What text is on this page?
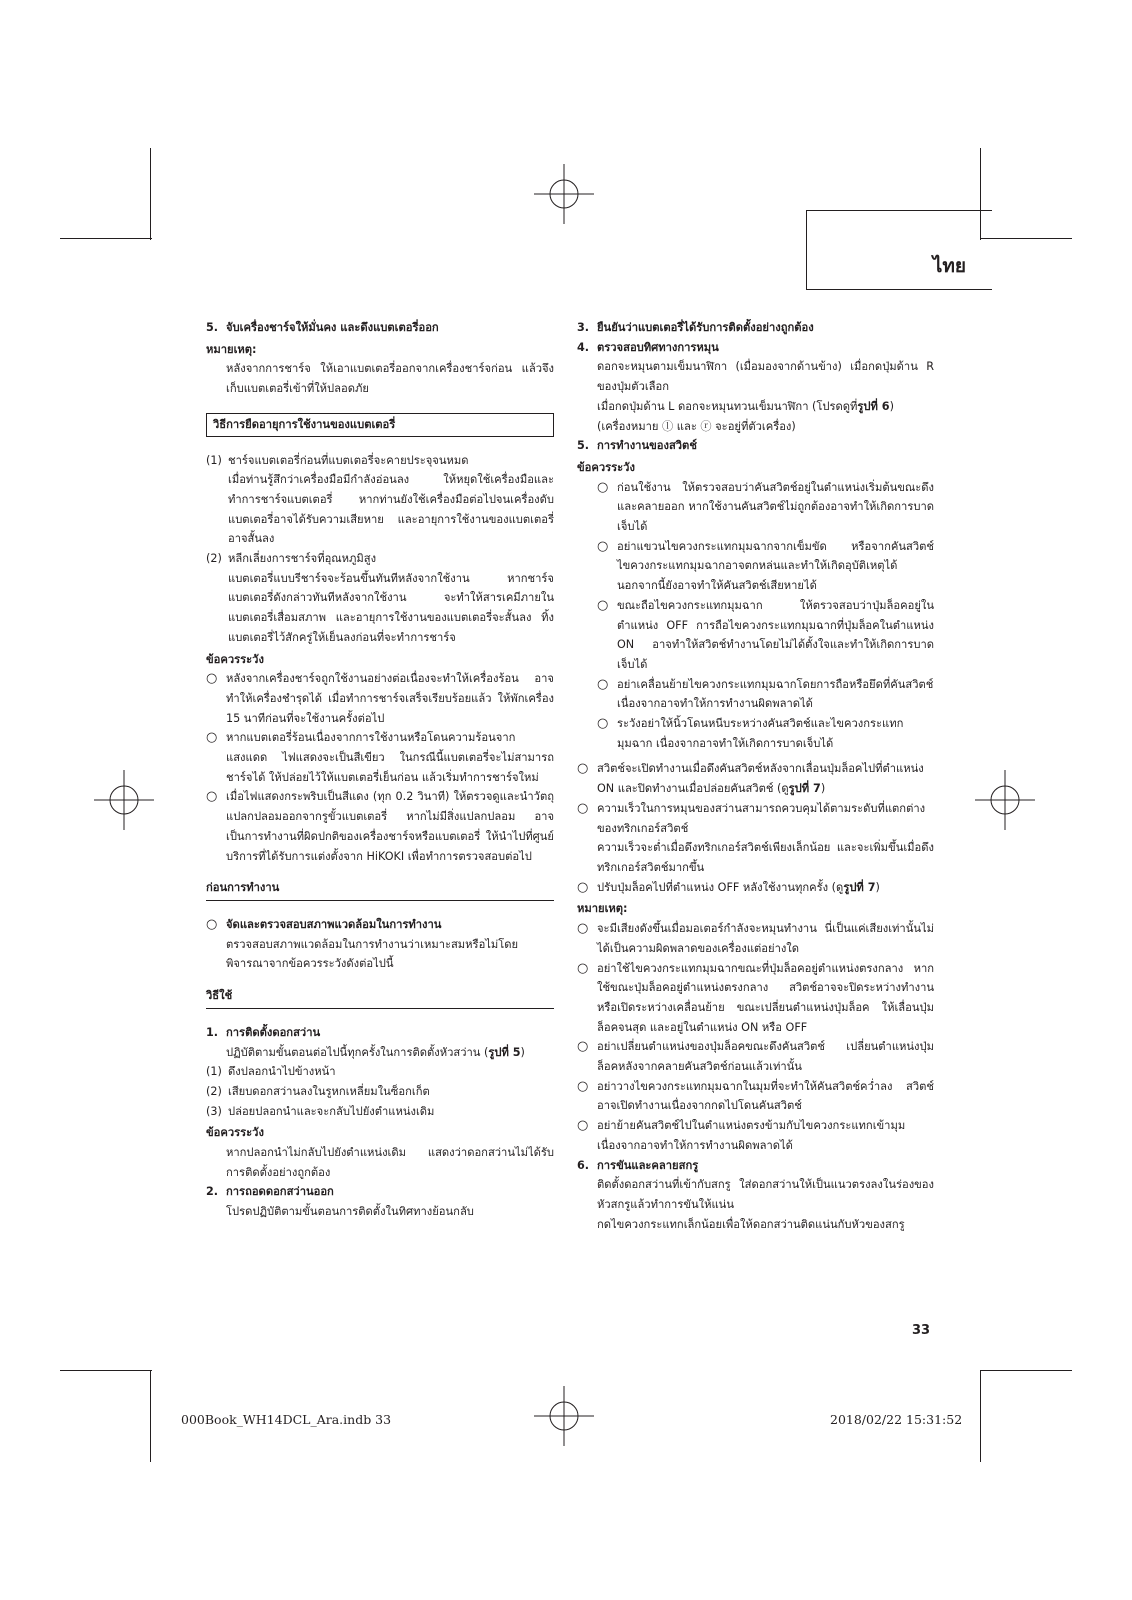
ไทย

5. จับเครื่องชาร์จให้มั่นคง และดึงแบตเตอรี่ออก

หมายเหตุ:

หลังจากการชาร์จ ให้เอาแบตเตอรี่ออกจากเครื่องชาร์จก่อน แล้วจึงเก็บแบตเตอรี่เข้าที่ให้ปลอดภัย

วิธีการยืดอายุการใช้งานของแบตเตอรี่
(1) ชาร์จแบตเตอรี่ก่อนที่แบตเตอรี่จะคายประจุจนหมด
เมื่อท่านรู้สึกว่าเครื่องมือมีกำลังอ่อนลง ให้หยุดใช้เครื่องมือและทำการชาร์จแบตเตอรี่ หากท่านยังใช้เครื่องมือต่อไปจนเครื่องดับ แบตเตอรี่อาจได้รับความเสียหาย และอายุการใช้งานของแบตเตอรี่อาจสั้นลง
(2) หลีกเลี่ยงการชาร์จที่อุณหภูมิสูง
แบตเตอรี่แบบรีชาร์จจะร้อนขึ้นทันทีหลังจากใช้งาน หากชาร์จแบตเตอรี่ดังกล่าวทันทีหลังจากใช้งาน จะทำให้สารเคมีภายในแบตเตอรี่เสื่อมสภาพ และอายุการใช้งานของแบตเตอรี่จะสั้นลง ทิ้งแบตเตอรี่ไว้สักครู่ให้เย็นลงก่อนที่จะทำการชาร์จ

ข้อควรระวัง

○ หลังจากเครื่องชาร์จถูกใช้งานอย่างต่อเนื่องจะทำให้เครื่องร้อน อาจทำให้เครื่องชำรุดได้ เมื่อทำการชาร์จเสร็จเรียบร้อยแล้ว ให้พักเครื่อง 15 นาทีก่อนที่จะใช้งานครั้งต่อไป
○ หากแบตเตอรี่ร้อนเนื่องจากการใช้งานหรือโดนความร้อนจากแสงแดด ไฟแสดงจะเป็นสีเขียว ในกรณีนี้แบตเตอรี่จะไม่สามารถชาร์จได้ ให้ปล่อยไว้ให้แบตเตอรี่เย็นก่อน แล้วเริ่มทำการชาร์จใหม่
○ เมื่อไฟแสดงกระพริบเป็นสีแดง (ทุก 0.2 วินาที) ให้ตรวจดูและนำวัตถุแปลกปลอมออกจากรูขั้วแบตเตอรี่ หากไม่มีสิ่งแปลกปลอม อาจเป็นการทำงานที่ผิดปกติของเครื่องชาร์จหรือแบตเตอรี่ ให้นำไปที่ศูนย์บริการที่ได้รับการแต่งตั้งจาก HiKOKI เพื่อทำการตรวจสอบต่อไป
ก่อนการทำงาน
○ จัดและตรวจสอบสภาพแวดล้อมในการทำงาน

ตรวจสอบสภาพแวดล้อมในการทำงานว่าเหมาะสมหรือไม่โดยพิจารณาจากข้อควรระวังดังต่อไปนี้

วิธีใช้

1. การติดตั้งดอกสว่าน

ปฏิบัติตามขั้นตอนต่อไปนี้ทุกครั้งในการติดตั้งหัวสว่าน (รูปที่ 5)

(1) ดึงปลอกนำไปข้างหน้า
(2) เสียบดอกสว่านลงในรูหกเหลี่ยมในซ็อกเก็ต
(3) ปล่อยปลอกนำและจะกลับไปยังตำแหน่งเดิม

ข้อควรระวัง

หากปลอกนำไม่กลับไปยังตำแหน่งเดิม แสดงว่าดอกสว่านไม่ได้รับการติดตั้งอย่างถูกต้อง

2. การถอดดอกสว่านออก

โปรดปฏิบัติตามขั้นตอนการติดตั้งในทิศทางย้อนกลับ

3. ยืนยันว่าแบตเตอรี่ได้รับการติดตั้งอย่างถูกต้อง

4. ตรวจสอบทิศทางการหมุน

ดอกจะหมุนตามเข็มนาฬิกา (เมื่อมองจากด้านข้าง) เมื่อกดปุ่มด้าน R ของปุ่มตัวเลือก

เมื่อกดปุ่มด้าน L ดอกจะหมุนทวนเข็มนาฬิกา (โปรดดูที่รูปที่ 6)

(เครื่องหมาย ⓛ และ ⓡ จะอยู่ที่ตัวเครื่อง)

5. การทำงานของสวิตช์

ข้อควรระวัง

○ ก่อนใช้งาน ให้ตรวจสอบว่าคันสวิตช์อยู่ในตำแหน่งเริ่มต้นขณะดึงและคลายออก หากใช้งานคันสวิตช์ไม่ถูกต้องอาจทำให้เกิดการบาดเจ็บได้
○ อย่าแขวนไขควงกระแทกมุมฉากจากเข็มขัด หรือจากคันสวิตช์ ไขควงกระแทกมุมฉากอาจตกหล่นและทำให้เกิดอุบัติเหตุได้ นอกจากนี้ยังอาจทำให้คันสวิตช์เสียหายได้
○ ขณะถือไขควงกระแทกมุมฉาก ให้ตรวจสอบว่าปุ่มล็อคอยู่ในตำแหน่ง OFF การถือไขควงกระแทกมุมฉากที่ปุ่มล็อคในตำแหน่ง ON อาจทำให้สวิตช์ทำงานโดยไม่ได้ตั้งใจและทำให้เกิดการบาดเจ็บได้
○ อย่าเคลื่อนย้ายไขควงกระแทกมุมฉากโดยการถือหรือยึดที่คันสวิตช์ เนื่องจากอาจทำให้การทำงานผิดพลาดได้
○ ระวังอย่าให้นิ้วโดนหนีบระหว่างคันสวิตช์และไขควงกระแทกมุมฉาก เนื่องจากอาจทำให้เกิดการบาดเจ็บได้
○ สวิตช์จะเปิดทำงานเมื่อดึงคันสวิตช์หลังจากเลื่อนปุ่มล็อคไปที่ตำแหน่ง ON และปิดทำงานเมื่อปล่อยคันสวิตช์ (ดูรูปที่ 7)
○ ความเร็วในการหมุนของสว่านสามารถควบคุมได้ตามระดับที่แตกต่างของทริกเกอร์สวิตช์
ความเร็วจะต่ำเมื่อดึงทริกเกอร์สวิตช์เพียงเล็กน้อย และจะเพิ่มขึ้นเมื่อดึงทริกเกอร์สวิตช์มากขึ้น
○ ปรับปุ่มล็อคไปที่ตำแหน่ง OFF หลังใช้งานทุกครั้ง (ดูรูปที่ 7)

หมายเหตุ:

○ จะมีเสียงดังขึ้นเมื่อมอเตอร์กำลังจะหมุนทำงาน นี่เป็นแค่เสียงเท่านั้นไม่ได้เป็นความผิดพลาดของเครื่องแต่อย่างใด
○ อย่าใช้ไขควงกระแทกมุมฉากขณะที่ปุ่มล็อคอยู่ตำแหน่งตรงกลาง หากใช้ขณะปุ่มล็อคอยู่ตำแหน่งตรงกลาง สวิตช์อาจจะปิดระหว่างทำงานหรือเปิดระหว่างเคลื่อนย้าย ขณะเปลี่ยนตำแหน่งปุ่มล็อค ให้เลื่อนปุ่มล็อคจนสุด และอยู่ในตำแหน่ง ON หรือ OFF
○ อย่าเปลี่ยนตำแหน่งของปุ่มล็อคขณะดึงคันสวิตช์ เปลี่ยนตำแหน่งปุ่มล็อคหลังจากคลายคันสวิตช์ก่อนแล้วเท่านั้น
○ อย่าวางไขควงกระแทกมุมฉากในมุมที่จะทำให้คันสวิตช์คว่ำลง สวิตช์อาจเปิดทำงานเนื่องจากกดไปโดนคันสวิตช์
○ อย่าย้ายคันสวิตช์ไปในตำแหน่งตรงข้ามกับไขควงกระแทกเข้ามุม เนื่องจากอาจทำให้การทำงานผิดพลาดได้

6. การขันและคลายสกรู

ติดตั้งดอกสว่านที่เข้ากับสกรู ใส่ดอกสว่านให้เป็นแนวตรงลงในร่องของหัวสกรูแล้วทำการขันให้แน่น

กดไขควงกระแทกเล็กน้อยเพื่อให้ดอกสว่านติดแน่นกับหัวของสกรู

33
000Book_WH14DCL_Ara.indb 33	2018/02/22 15:31:52
